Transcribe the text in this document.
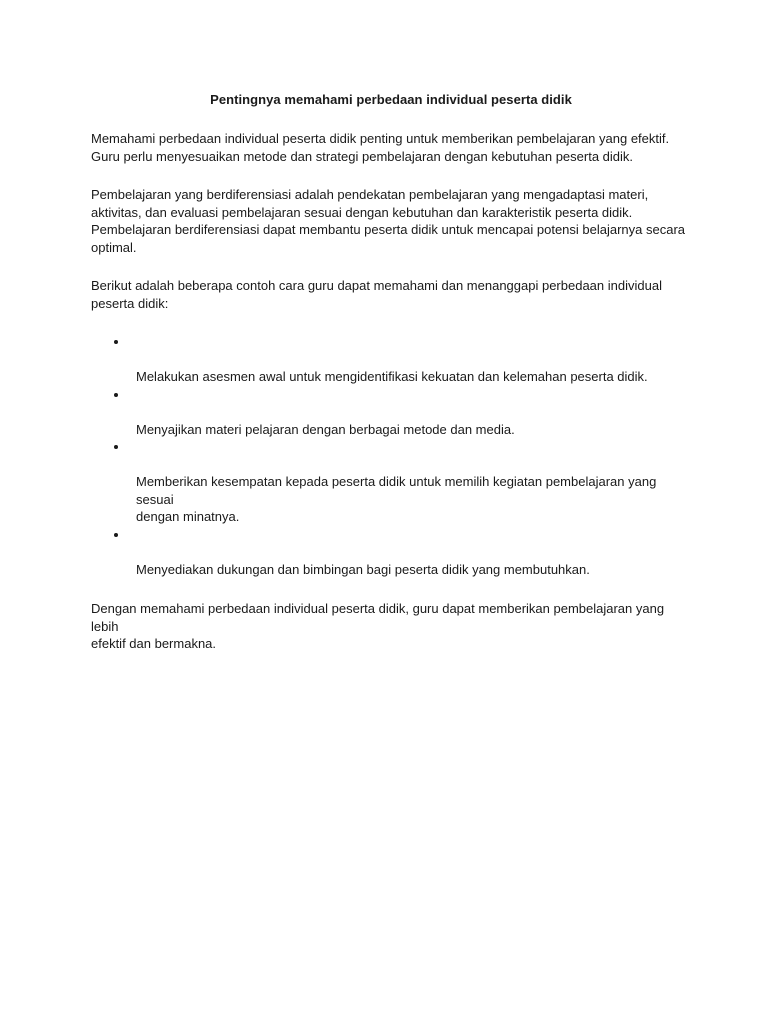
Pentingnya memahami perbedaan individual peserta didik

Memahami perbedaan individual peserta didik penting untuk memberikan pembelajaran yang efektif.
Guru perlu menyesuaikan metode dan strategi pembelajaran dengan kebutuhan peserta didik.

Pembelajaran yang berdiferensiasi adalah pendekatan pembelajaran yang mengadaptasi materi,
aktivitas, dan evaluasi pembelajaran sesuai dengan kebutuhan dan karakteristik peserta didik.
Pembelajaran berdiferensiasi dapat membantu peserta didik untuk mencapai potensi belajarnya secara
optimal.

Berikut adalah beberapa contoh cara guru dapat memahami dan menanggapi perbedaan individual
peserta didik:

Melakukan asesmen awal untuk mengidentifikasi kekuatan dan kelemahan peserta didik.

Menyajikan materi pelajaran dengan berbagai metode dan media.

Memberikan kesempatan kepada peserta didik untuk memilih kegiatan pembelajaran yang sesuai
dengan minatnya.

Menyediakan dukungan dan bimbingan bagi peserta didik yang membutuhkan.

Dengan memahami perbedaan individual peserta didik, guru dapat memberikan pembelajaran yang lebih
efektif dan bermakna.
